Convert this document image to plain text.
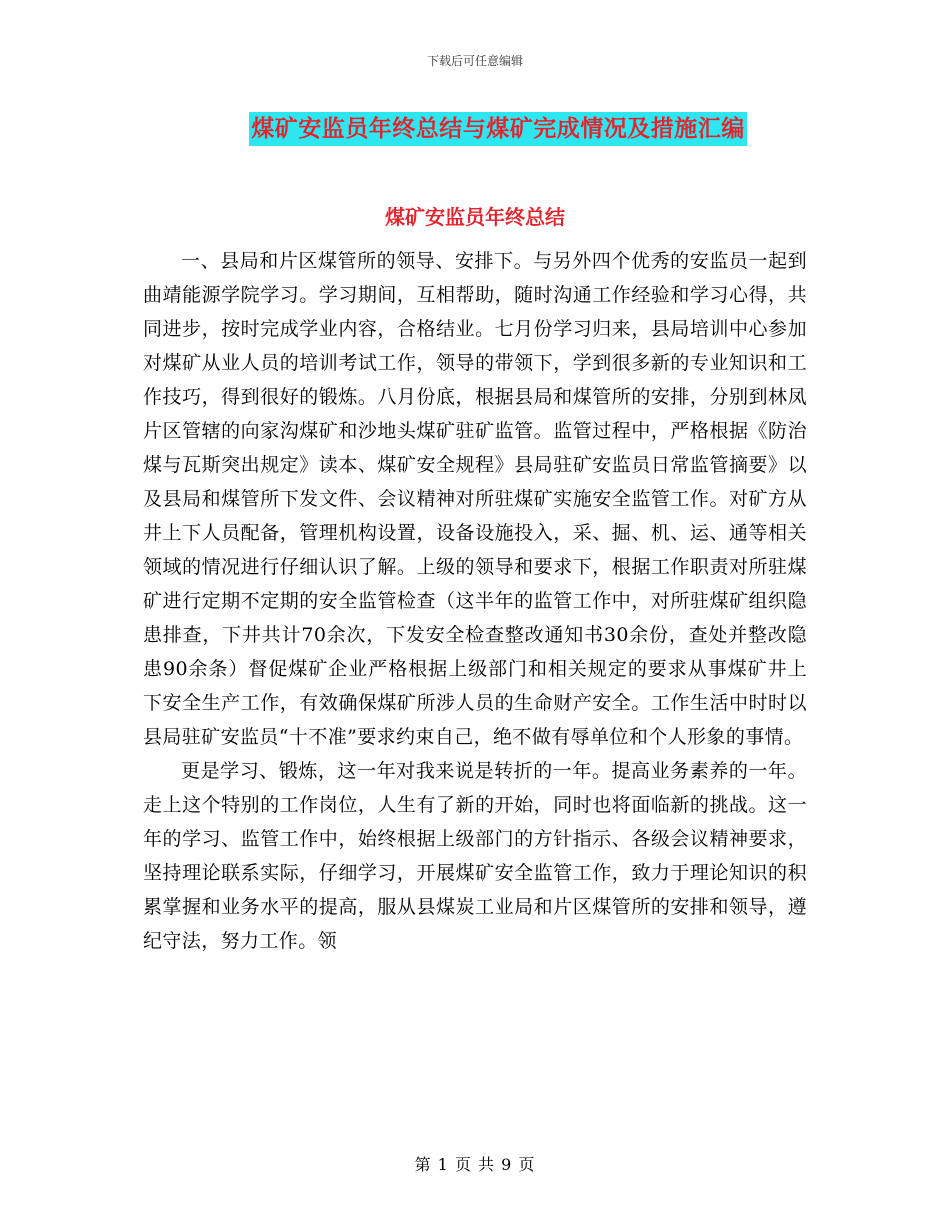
下载后可任意编辑
煤矿安监员年终总结与煤矿完成情况及措施汇编
煤矿安监员年终总结

一、县局和片区煤管所的领导、安排下。与另外四个优秀的安监员一起到曲靖能源学院学习。学习期间，互相帮助，随时沟通工作经验和学习心得，共同进步，按时完成学业内容，合格结业。七月份学习归来，县局培训中心参加对煤矿从业人员的培训考试工作，领导的带领下，学到很多新的专业知识和工作技巧，得到很好的锻炼。八月份底，根据县局和煤管所的安排，分别到林凤片区管辖的向家沟煤矿和沙地头煤矿驻矿监管。监管过程中，严格根据《防治煤与瓦斯突出规定》读本、煤矿安全规程》县局驻矿安监员日常监管摘要》以及县局和煤管所下发文件、会议精神对所驻煤矿实施安全监管工作。对矿方从井上下人员配备，管理机构设置，设备设施投入，采、掘、机、运、通等相关领域的情况进行仔细认识了解。上级的领导和要求下，根据工作职责对所驻煤矿进行定期不定期的安全监管检查（这半年的监管工作中，对所驻煤矿组织隐患排查，下井共计70余次，下发安全检查整改通知书30余份，查处并整改隐患90余条）督促煤矿企业严格根据上级部门和相关规定的要求从事煤矿井上下安全生产工作，有效确保煤矿所涉人员的生命财产安全。工作生活中时时以县局驻矿安监员“十不准”要求约束自己，绝不做有辱单位和个人形象的事情。

更是学习、锻炼，这一年对我来说是转折的一年。提高业务素养的一年。走上这个特别的工作岗位，人生有了新的开始，同时也将面临新的挑战。这一年的学习、监管工作中，始终根据上级部门的方针指示、各级会议精神要求，坚持理论联系实际，仔细学习，开展煤矿安全监管工作，致力于理论知识的积累掌握和业务水平的提高，服从县煤炭工业局和片区煤管所的安排和领导，遵纪守法，努力工作。领

第 1 页 共 9 页
